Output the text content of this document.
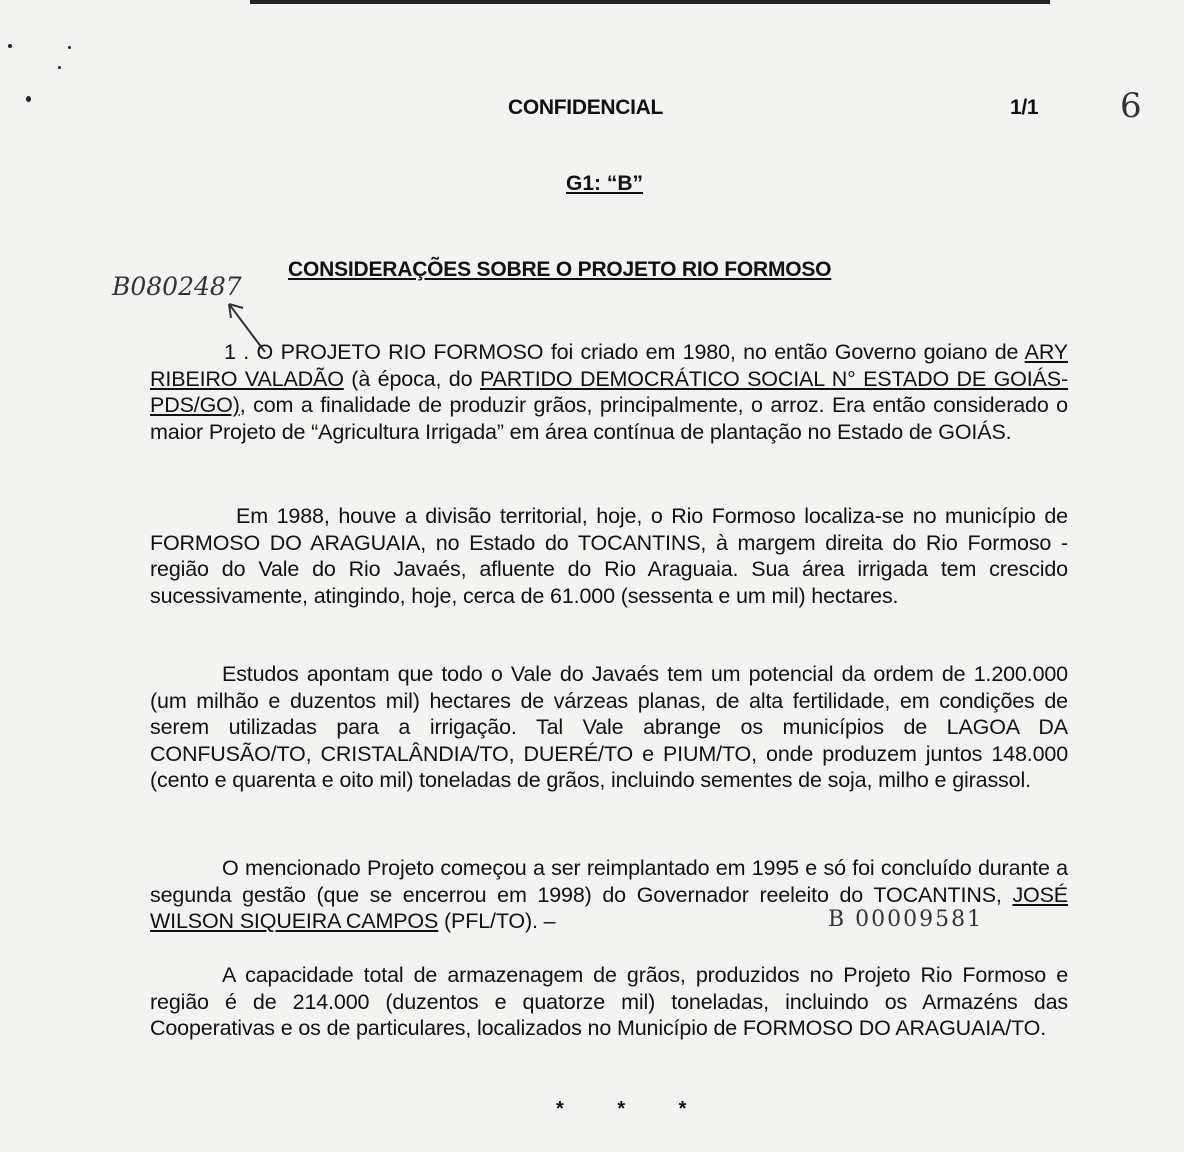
CONFIDENCIAL	1/1 6
G1: “B”
CONSIDERAÇÕES SOBRE O PROJETO RIO FORMOSO
B0802487

1 . O PROJETO RIO FORMOSO foi criado em 1980, no então Governo goiano de ARY RIBEIRO VALADÃO (à época, do PARTIDO DEMOCRÁTICO SOCIAL N° ESTADO DE GOIÁS-PDS/GO), com a finalidade de produzir grãos, principalmente, o arroz. Era então considerado o maior Projeto de “Agricultura Irrigada” em área contínua de plantação no Estado de GOIÁS.

Em 1988, houve a divisão territorial, hoje, o Rio Formoso localiza-se no município de FORMOSO DO ARAGUAIA, no Estado do TOCANTINS, à margem direita do Rio Formoso - região do Vale do Rio Javaés, afluente do Rio Araguaia. Sua área irrigada tem crescido sucessivamente, atingindo, hoje, cerca de 61.000 (sessenta e um mil) hectares.

Estudos apontam que todo o Vale do Javaés tem um potencial da ordem de 1.200.000 (um milhão e duzentos mil) hectares de várzeas planas, de alta fertilidade, em condições de serem utilizadas para a irrigação. Tal Vale abrange os municípios de LAGOA DA CONFUSÃO/TO, CRISTALÂNDIA/TO, DUERÉ/TO e PIUM/TO, onde produzem juntos 148.000 (cento e quarenta e oito mil) toneladas de grãos, incluindo sementes de soja, milho e girassol.

O mencionado Projeto começou a ser reimplantado em 1995 e só foi concluído durante a segunda gestão (que se encerrou em 1998) do Governador reeleito do TOCANTINS, JOSÉ WILSON SIQUEIRA CAMPOS (PFL/TO). –	B 00009581

A capacidade total de armazenagem de grãos, produzidos no Projeto Rio Formoso e região é de 214.000 (duzentos e quatorze mil) toneladas, incluindo os Armazéns das Cooperativas e os de particulares, localizados no Município de FORMOSO DO ARAGUAIA/TO.

* * *
